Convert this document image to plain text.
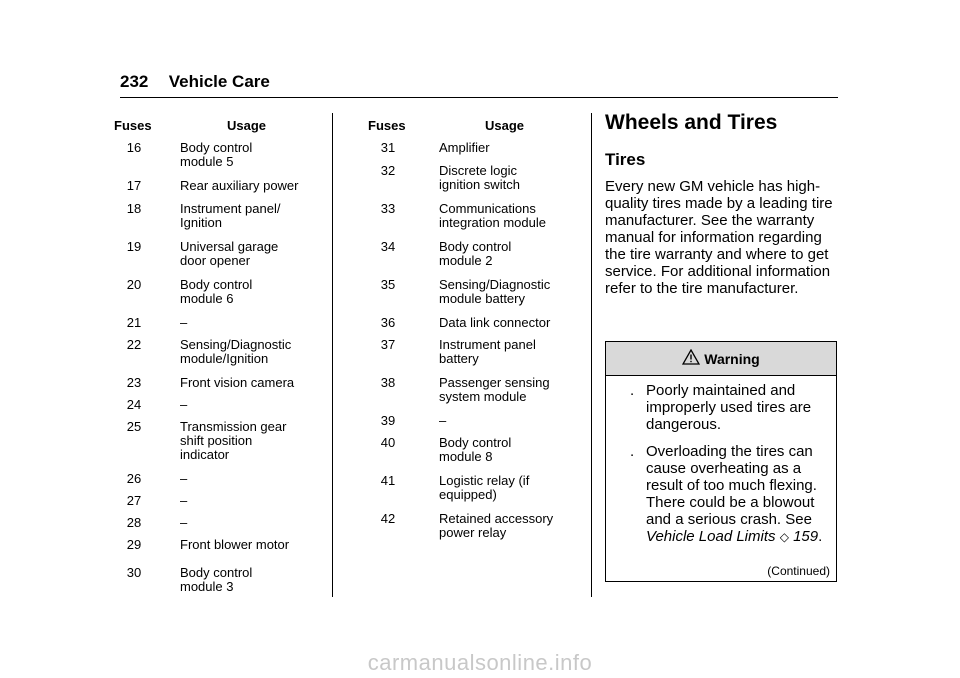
232 Vehicle Care
Fuses	Usage
16	Body control
module 5
17	Rear auxiliary power
18	Instrument panel/
Ignition
19	Universal garage
door opener
20	Body control
module 6
21	–
22	Sensing/Diagnostic
module/Ignition
23	Front vision camera
24	–
25	Transmission gear
shift position
indicator
26	–
27	–
28	–
29	Front blower motor
30	Body control
module 3
Fuses	Usage
31	Amplifier
32	Discrete logic
ignition switch
33	Communications
integration module
34	Body control
module 2
35	Sensing/Diagnostic
module battery
36	Data link connector
37	Instrument panel
battery
38	Passenger sensing
system module
39	–
40	Body control
module 8
41	Logistic relay (if
equipped)
42	Retained accessory
power relay
Wheels and Tires
Tires
Every new GM vehicle has high-quality tires made by a leading tire manufacturer. See the warranty manual for information regarding the tire warranty and where to get service. For additional information refer to the tire manufacturer.
Warning
. Poorly maintained and improperly used tires are dangerous.
. Overloading the tires can cause overheating as a result of too much flexing. There could be a blowout and a serious crash. See Vehicle Load Limits ◇ 159.
(Continued)
carmanualsonline.info
